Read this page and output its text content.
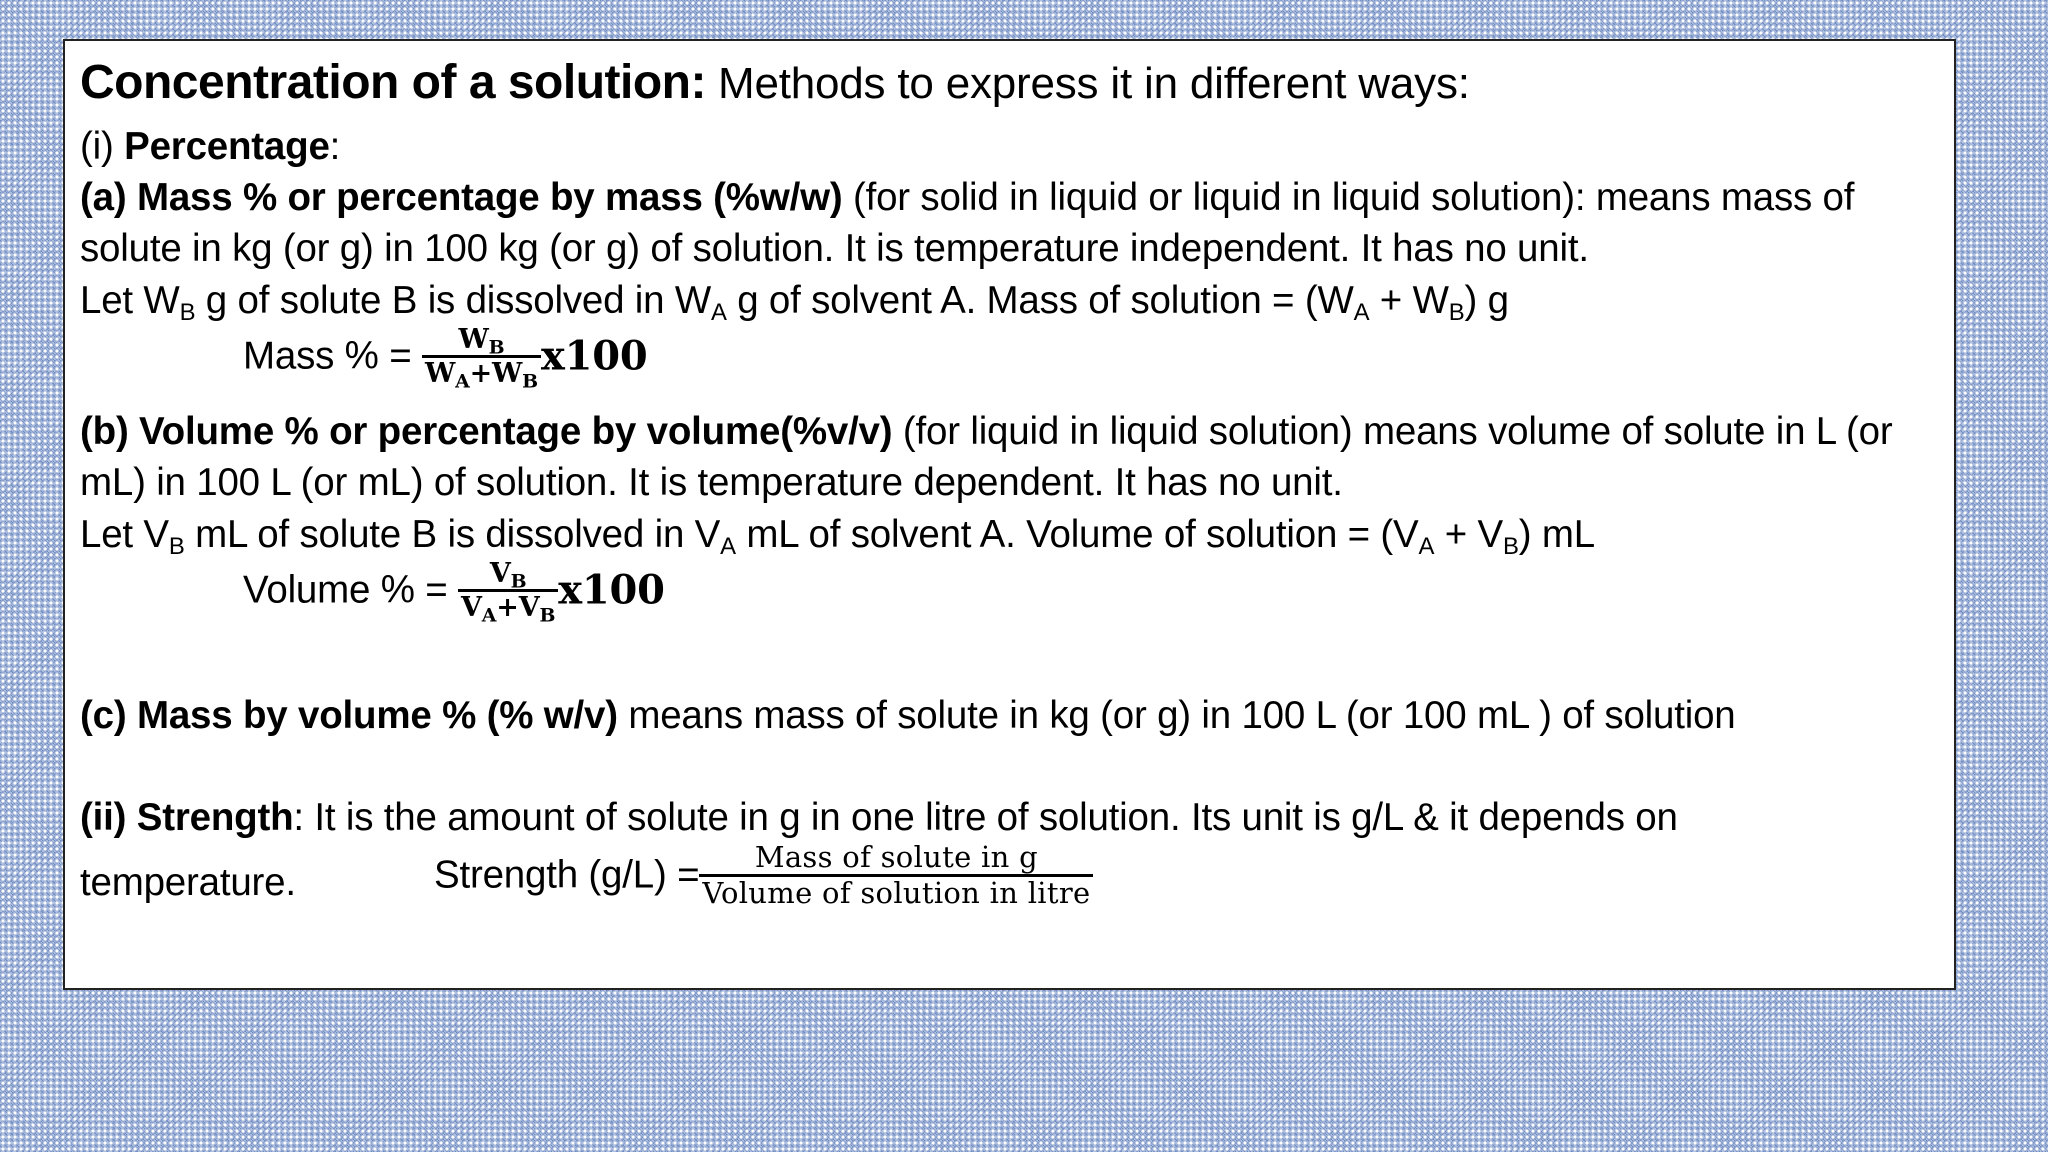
Concentration of a solution: Methods to express it in different ways:
(i) Percentage:
(a) Mass % or percentage by mass (%w/w) (for solid in liquid or liquid in liquid solution): means mass of
solute in kg (or g) in 100 kg (or g) of solution. It is temperature independent. It has no unit.
Let $W_B$ g of solute B is dissolved in $W_A$ g of solvent A. Mass of solution = $(W_A + W_B)$ g
Mass % = $\frac{W_B}{W_A+W_B} x100$
(b) Volume % or percentage by volume(%v/v) (for liquid in liquid solution) means volume of solute in L (or
mL) in 100 L (or mL) of solution. It is temperature dependent. It has no unit.
Let $V_B$ mL of solute B is dissolved in $V_A$ mL of solvent A. Volume of solution = $(V_A + V_B)$ mL
Volume % = $\frac{V_B}{V_A+V_B} x100$
(c) Mass by volume % (% w/v) means mass of solute in kg (or g) in 100 L (or 100 mL ) of solution
(ii) Strength: It is the amount of solute in g in one litre of solution. Its unit is g/L & it depends on
temperature.	Strength $(g/L) = \frac{\text{Mass of solute in g}}{\text{Volume of solution in litre}}$
